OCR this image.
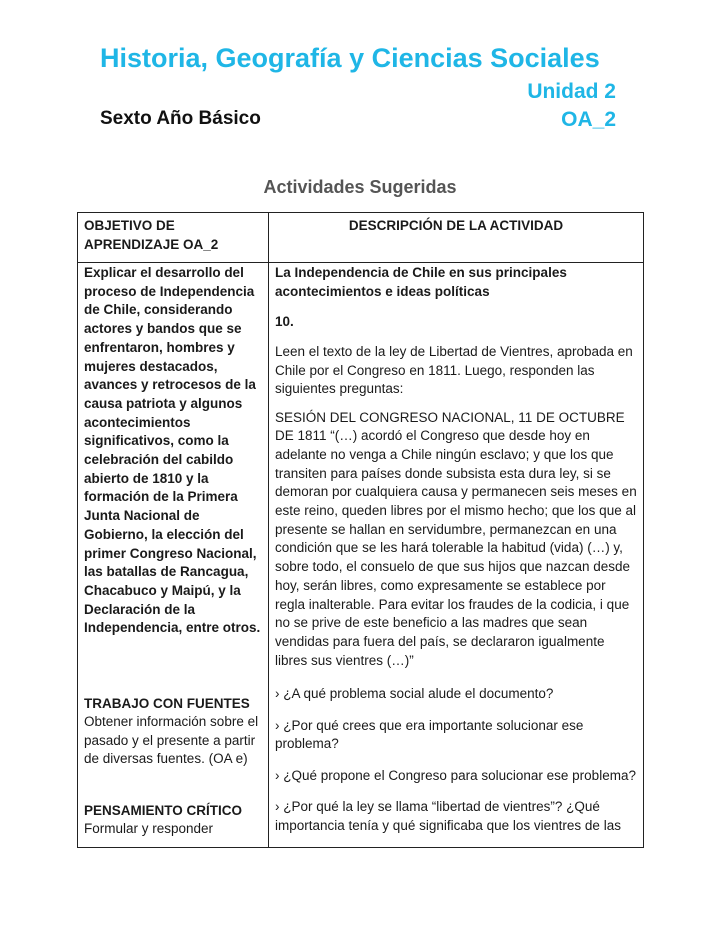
Historia, Geografía y Ciencias Sociales
Unidad 2
Sexto Año Básico	OA_2
Actividades Sugeridas
OBJETIVO DE APRENDIZAJE OA_2
DESCRIPCIÓN DE LA ACTIVIDAD

Explicar el desarrollo del proceso de Independencia de Chile, considerando actores y bandos que se enfrentaron, hombres y mujeres destacados, avances y retrocesos de la causa patriota y algunos acontecimientos significativos, como la celebración del cabildo abierto de 1810 y la formación de la Primera Junta Nacional de Gobierno, la elección del primer Congreso Nacional, las batallas de Rancagua, Chacabuco y Maipú, y la Declaración de la Independencia, entre otros.

TRABAJO CON FUENTES

Obtener información sobre el pasado y el presente a partir de diversas fuentes. (OA e)

PENSAMIENTO CRÍTICO

Formular y responder

La Independencia de Chile en sus principales acontecimientos e ideas políticas

10.

Leen el texto de la ley de Libertad de Vientres, aprobada en Chile por el Congreso en 1811. Luego, responden las siguientes preguntas:

SESIÓN DEL CONGRESO NACIONAL, 11 DE OCTUBRE DE 1811 “(…) acordó el Congreso que desde hoy en adelante no venga a Chile ningún esclavo; y que los que transiten para países donde subsista esta dura ley, si se demoran por cualquiera causa y permanecen seis meses en este reino, queden libres por el mismo hecho; que los que al presente se hallan en servidumbre, permanezcan en una condición que se les hará tolerable la habitud (vida) (…) y, sobre todo, el consuelo de que sus hijos que nazcan desde hoy, serán libres, como expresamente se establece por regla inalterable. Para evitar los fraudes de la codicia, i que no se prive de este beneficio a las madres que sean vendidas para fuera del país, se declararon igualmente libres sus vientres (…)”

› ¿A qué problema social alude el documento?

› ¿Por qué crees que era importante solucionar ese problema?

› ¿Qué propone el Congreso para solucionar ese problema?

› ¿Por qué la ley se llama “libertad de vientres”? ¿Qué importancia tenía y qué significaba que los vientres de las
